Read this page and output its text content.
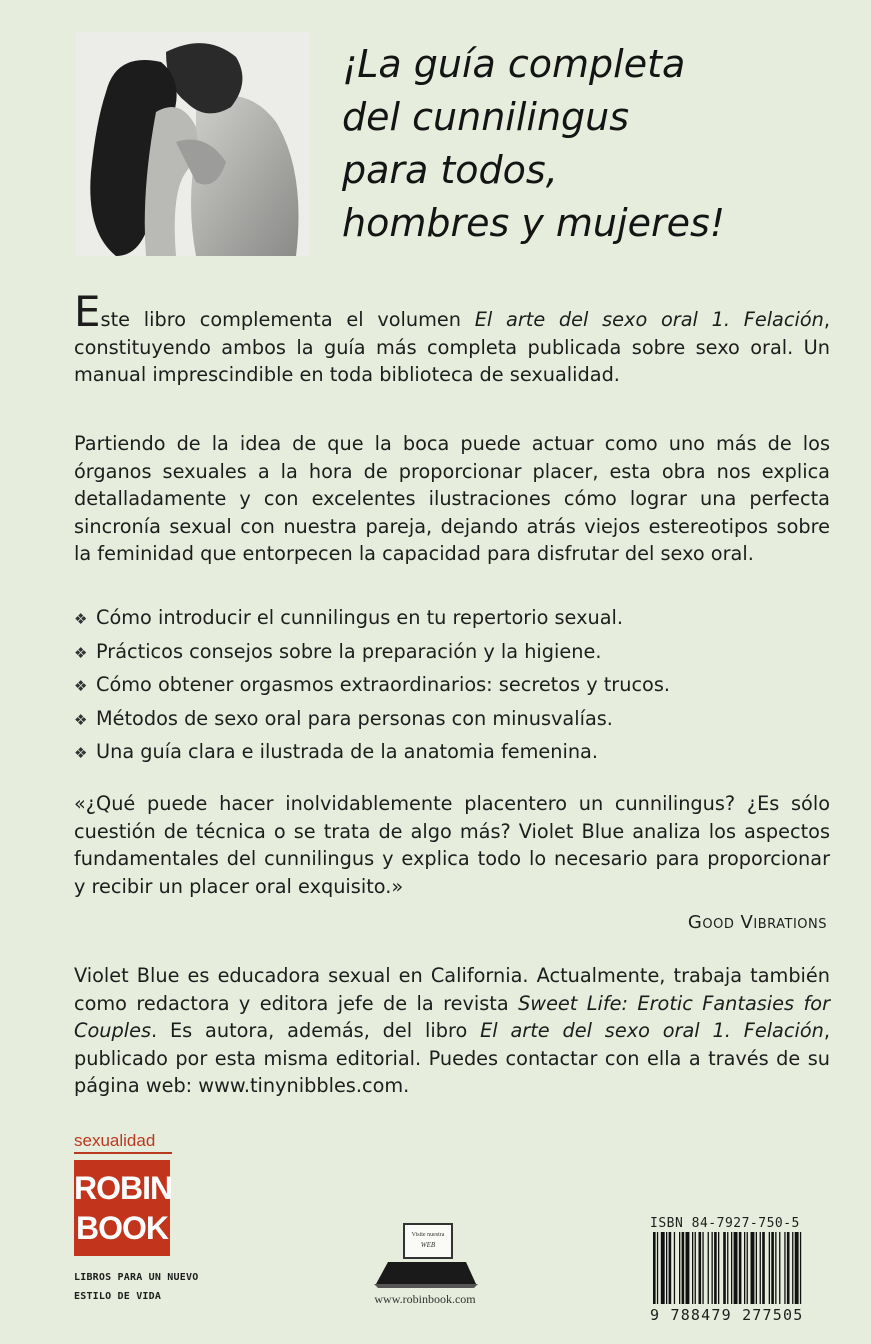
¡La guía completa
del cunnilingus
para todos,
hombres y mujeres!
Este libro complementa el volumen El arte del sexo oral 1. Felación, constituyendo ambos la guía más completa publicada sobre sexo oral. Un manual imprescindible en toda biblioteca de sexualidad.
Partiendo de la idea de que la boca puede actuar como uno más de los órganos sexuales a la hora de proporcionar placer, esta obra nos explica detalladamente y con excelentes ilustraciones cómo lograr una perfecta sincronía sexual con nuestra pareja, dejando atrás viejos estereotipos sobre la feminidad que entorpecen la capacidad para disfrutar del sexo oral.
❖ Cómo introducir el cunnilingus en tu repertorio sexual.
❖ Prácticos consejos sobre la preparación y la higiene.
❖ Cómo obtener orgasmos extraordinarios: secretos y trucos.
❖ Métodos de sexo oral para personas con minusvalías.
❖ Una guía clara e ilustrada de la anatomia femenina.
«¿Qué puede hacer inolvidablemente placentero un cunnilingus? ¿Es sólo cuestión de técnica o se trata de algo más? Violet Blue analiza los aspectos fundamentales del cunnilingus y explica todo lo necesario para proporcionar y recibir un placer oral exquisito.»
Good Vibrations
Violet Blue es educadora sexual en California. Actualmente, trabaja también como redactora y editora jefe de la revista Sweet Life: Erotic Fantasies for Couples. Es autora, además, del libro El arte del sexo oral 1. Felación, publicado por esta misma editorial. Puedes contactar con ella a través de su página web: www.tinynibbles.com.
sexualidad
ROBIN
BOOK
LIBROS PARA UN NUEVO
ESTILO DE VIDA
Visite nuestra
WEB
www.robinbook.com
ISBN 84-7927-750-5
9 788479 277505
